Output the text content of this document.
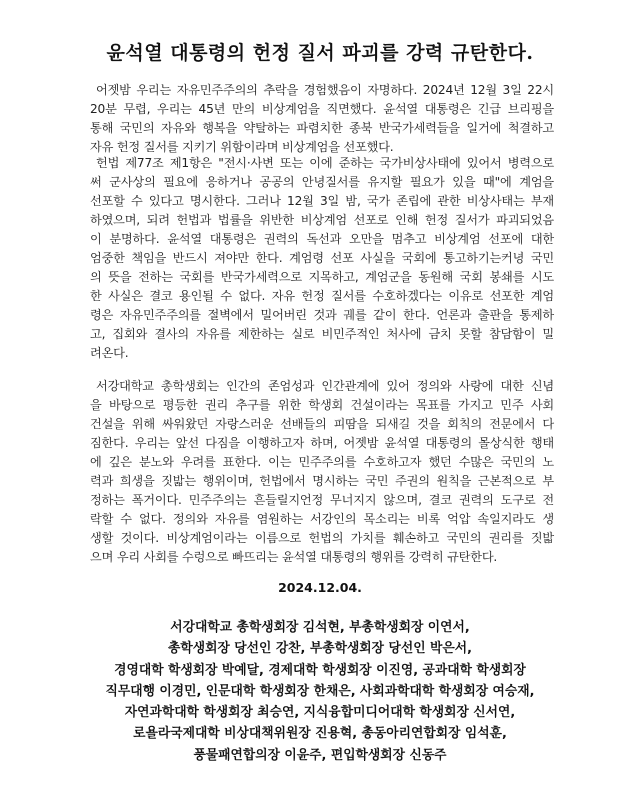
윤석열 대통령의 헌정 질서 파괴를 강력 규탄한다.
어젯밤 우리는 자유민주주의의 추락을 경험했음이 자명하다. 2024년 12월 3일 22시
20분 무렵, 우리는 45년 만의 비상계엄을 직면했다. 윤석열 대통령은 긴급 브리핑을
통해 국민의 자유와 행복을 약탈하는 파렴치한 종북 반국가세력들을 일거에 척결하고
자유 헌정 질서를 지키기 위함이라며 비상계엄을 선포했다.
헌법 제77조 제1항은 "전시·사변 또는 이에 준하는 국가비상사태에 있어서 병력으로
써 군사상의 필요에 응하거나 공공의 안녕질서를 유지할 필요가 있을 때"에 계엄을
선포할 수 있다고 명시한다. 그러나 12월 3일 밤, 국가 존립에 관한 비상사태는 부재
하였으며, 되려 헌법과 법률을 위반한 비상계엄 선포로 인해 헌정 질서가 파괴되었음
이 분명하다. 윤석열 대통령은 권력의 독선과 오만을 멈추고 비상계엄 선포에 대한
엄중한 책임을 반드시 져야만 한다. 계엄령 선포 사실을 국회에 통고하기는커녕 국민
의 뜻을 전하는 국회를 반국가세력으로 지목하고, 계엄군을 동원해 국회 봉쇄를 시도
한 사실은 결코 용인될 수 없다. 자유 헌정 질서를 수호하겠다는 이유로 선포한 계엄
령은 자유민주주의를 절벽에서 밀어버린 것과 궤를 같이 한다. 언론과 출판을 통제하
고, 집회와 결사의 자유를 제한하는 실로 비민주적인 처사에 금치 못할 참담함이 밀
려온다.
서강대학교 총학생회는 인간의 존엄성과 인간관계에 있어 정의와 사랑에 대한 신념
을 바탕으로 평등한 권리 추구를 위한 학생회 건설이라는 목표를 가지고 민주 사회
건설을 위해 싸워왔던 자랑스러운 선배들의 피땀을 되새길 것을 회칙의 전문에서 다
짐한다. 우리는 앞선 다짐을 이행하고자 하며, 어젯밤 윤석열 대통령의 몰상식한 행태
에 깊은 분노와 우려를 표한다. 이는 민주주의를 수호하고자 했던 수많은 국민의 노
력과 희생을 짓밟는 행위이며, 헌법에서 명시하는 국민 주권의 원칙을 근본적으로 부
정하는 폭거이다. 민주주의는 흔들릴지언정 무너지지 않으며, 결코 권력의 도구로 전
락할 수 없다. 정의와 자유를 염원하는 서강인의 목소리는 비록 억압 속일지라도 생
생할 것이다. 비상계엄이라는 이름으로 헌법의 가치를 훼손하고 국민의 권리를 짓밟
으며 우리 사회를 수렁으로 빠뜨리는 윤석열 대통령의 행위를 강력히 규탄한다.
2024.12.04.
서강대학교 총학생회장 김석현, 부총학생회장 이연서,
총학생회장 당선인 강찬, 부총학생회장 당선인 박은서,
경영대학 학생회장 박예달, 경제대학 학생회장 이진영, 공과대학 학생회장
직무대행 이경민, 인문대학 학생회장 한채은, 사회과학대학 학생회장 여승재,
자연과학대학 학생회장 최승연, 지식융합미디어대학 학생회장 신서연,
로욜라국제대학 비상대책위원장 진용혁, 총동아리연합회장 임석훈,
풍물패연합의장 이윤주, 편입학생회장 신동주
